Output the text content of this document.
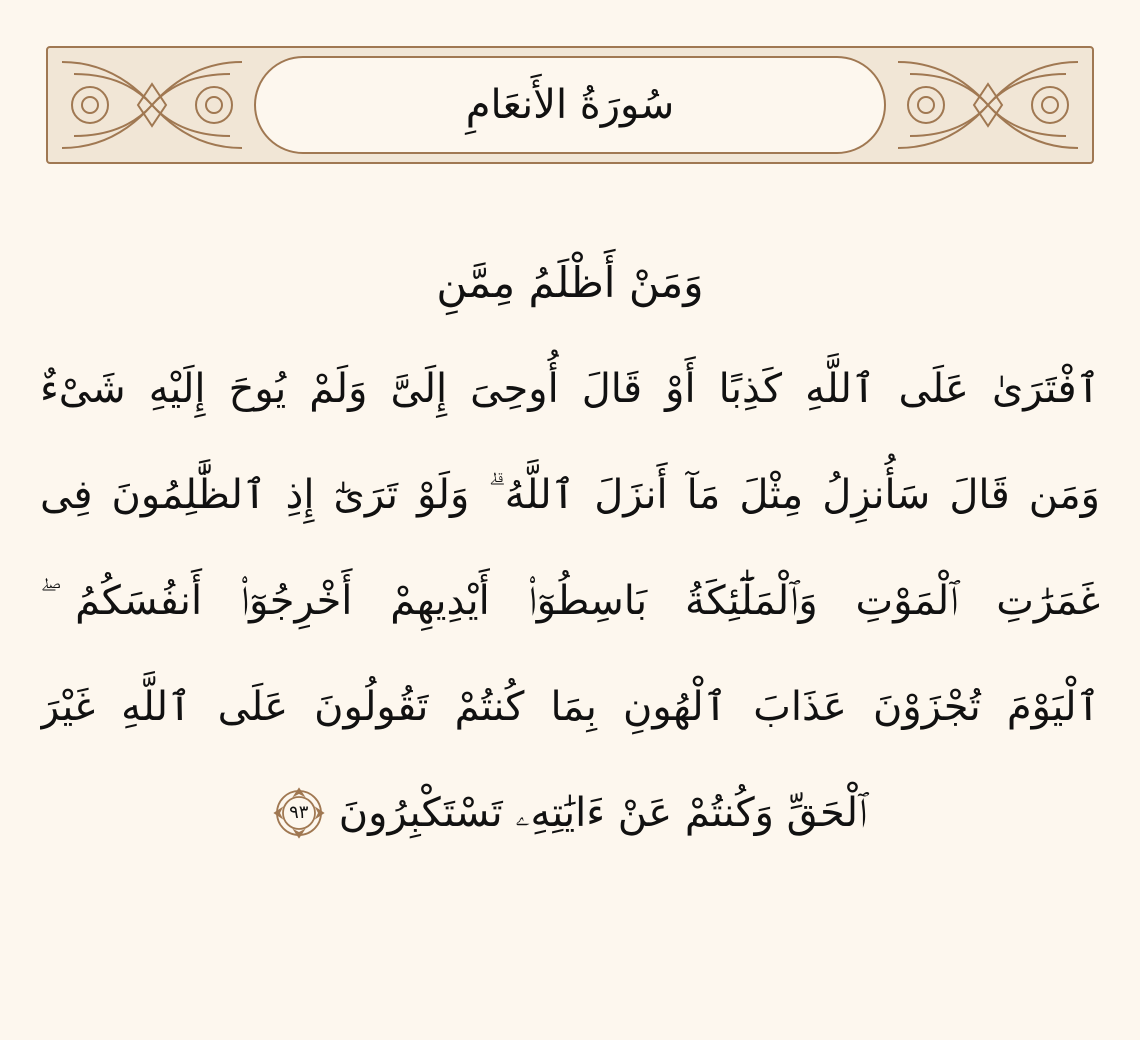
سُورَةُ الأَنعَامِ
وَمَنْ أَظْلَمُ مِمَّنِ
ٱفْتَرَىٰ عَلَى ٱللَّهِ كَذِبًا أَوْ قَالَ أُوحِىَ إِلَىَّ وَلَمْ يُوحَ إِلَيْهِ شَىْءٌ
وَمَن قَالَ سَأُنزِلُ مِثْلَ مَآ أَنزَلَ ٱللَّهُ ۗ وَلَوْ تَرَىٰٓ إِذِ ٱلظَّٰلِمُونَ فِى
غَمَرَٰتِ ٱلْمَوْتِ وَٱلْمَلَٰٓئِكَةُ بَاسِطُوٓا۟ أَيْدِيهِمْ أَخْرِجُوٓا۟ أَنفُسَكُمُ ۖ
ٱلْيَوْمَ تُجْزَوْنَ عَذَابَ ٱلْهُونِ بِمَا كُنتُمْ تَقُولُونَ عَلَى ٱللَّهِ غَيْرَ
ٱلْحَقِّ وَكُنتُمْ عَنْ ءَايَٰتِهِۦ تَسْتَكْبِرُونَ
٩٣
